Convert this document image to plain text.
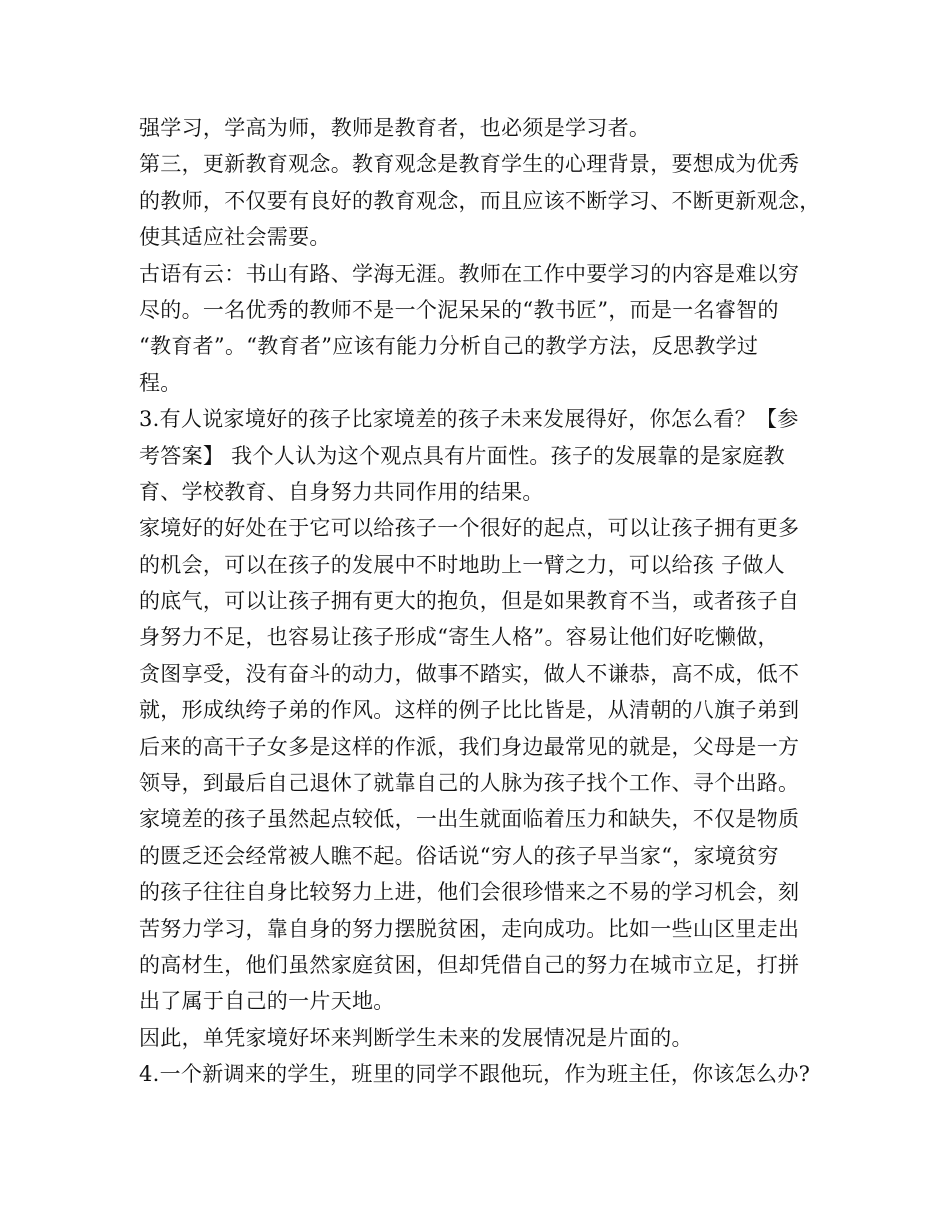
强学习，学高为师，教师是教育者，也必须是学习者。
第三，更新教育观念。教育观念是教育学生的心理背景，要想成为优秀
的教师，不仅要有良好的教育观念，而且应该不断学习、不断更新观念，
使其适应社会需要。
古语有云：书山有路、学海无涯。教师在工作中要学习的内容是难以穷
尽的。一名优秀的教师不是一个泥呆呆的“教书匠”，而是一名睿智的
“教育者”。“教育者”应该有能力分析自己的教学方法，反思教学过
程。
3.有人说家境好的孩子比家境差的孩子未来发展得好，你怎么看？【参
考答案】 我个人认为这个观点具有片面性。孩子的发展靠的是家庭教
育、学校教育、自身努力共同作用的结果。
家境好的好处在于它可以给孩子一个很好的起点，可以让孩子拥有更多
的机会，可以在孩子的发展中不时地助上一臂之力，可以给孩 子做人
的底气，可以让孩子拥有更大的抱负，但是如果教育不当，或者孩子自
身努力不足，也容易让孩子形成“寄生人格”。容易让他们好吃懒做，
贪图享受，没有奋斗的动力，做事不踏实，做人不谦恭，高不成，低不
就，形成纨绔子弟的作风。这样的例子比比皆是，从清朝的八旗子弟到
后来的高干子女多是这样的作派，我们身边最常见的就是，父母是一方
领导，到最后自己退休了就靠自己的人脉为孩子找个工作、寻个出路。
家境差的孩子虽然起点较低，一出生就面临着压力和缺失，不仅是物质
的匮乏还会经常被人瞧不起。俗话说“穷人的孩子早当家“，家境贫穷
的孩子往往自身比较努力上进，他们会很珍惜来之不易的学习机会，刻
苦努力学习，靠自身的努力摆脱贫困，走向成功。比如一些山区里走出
的高材生，他们虽然家庭贫困，但却凭借自己的努力在城市立足，打拼
出了属于自己的一片天地。
因此，单凭家境好坏来判断学生未来的发展情况是片面的。
4.一个新调来的学生，班里的同学不跟他玩，作为班主任，你该怎么办?
